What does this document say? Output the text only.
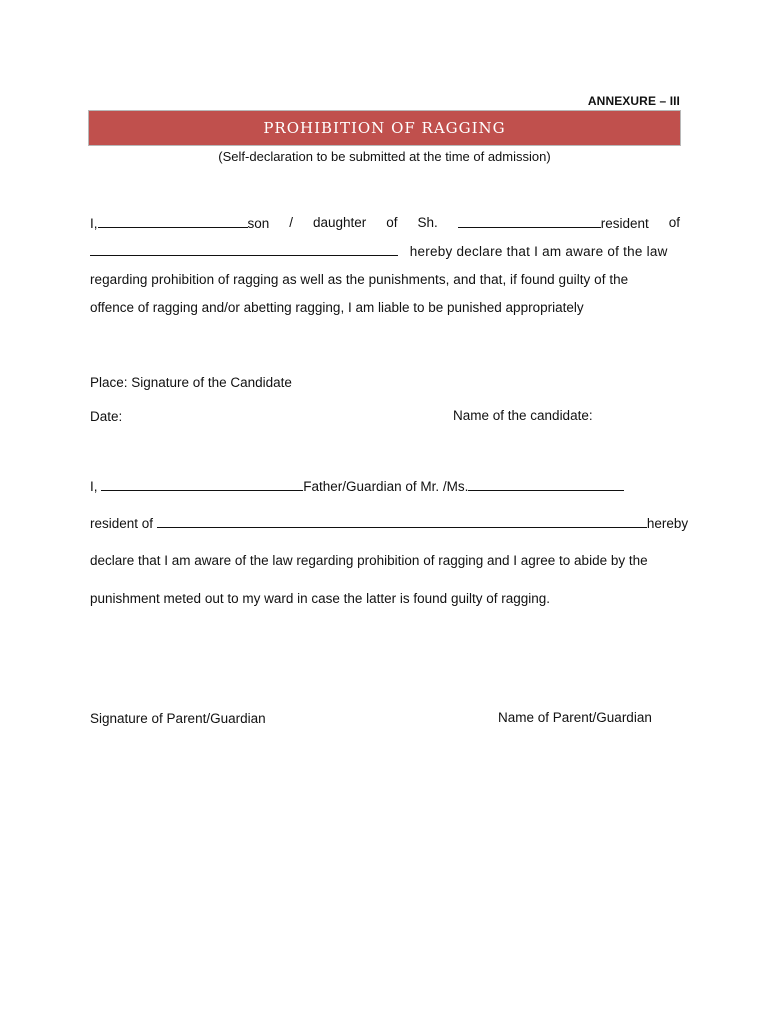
ANNEXURE – III
PROHIBITION OF RAGGING
(Self-declaration to be submitted at the time of admission)
I,	son / daughter of Sh.	resident of
hereby declare that I am aware of the law
regarding prohibition of ragging as well as the punishments, and that, if found guilty of the
offence of ragging and/or abetting ragging, I am liable to be punished appropriately
Place: Signature of the Candidate
Date:	Name of the candidate:
I,	Father/Guardian of Mr. /Ms.
resident of	hereby
declare that I am aware of the law regarding prohibition of ragging and I agree to abide by the
punishment meted out to my ward in case the latter is found guilty of ragging.
Signature of Parent/Guardian	Name of Parent/Guardian
